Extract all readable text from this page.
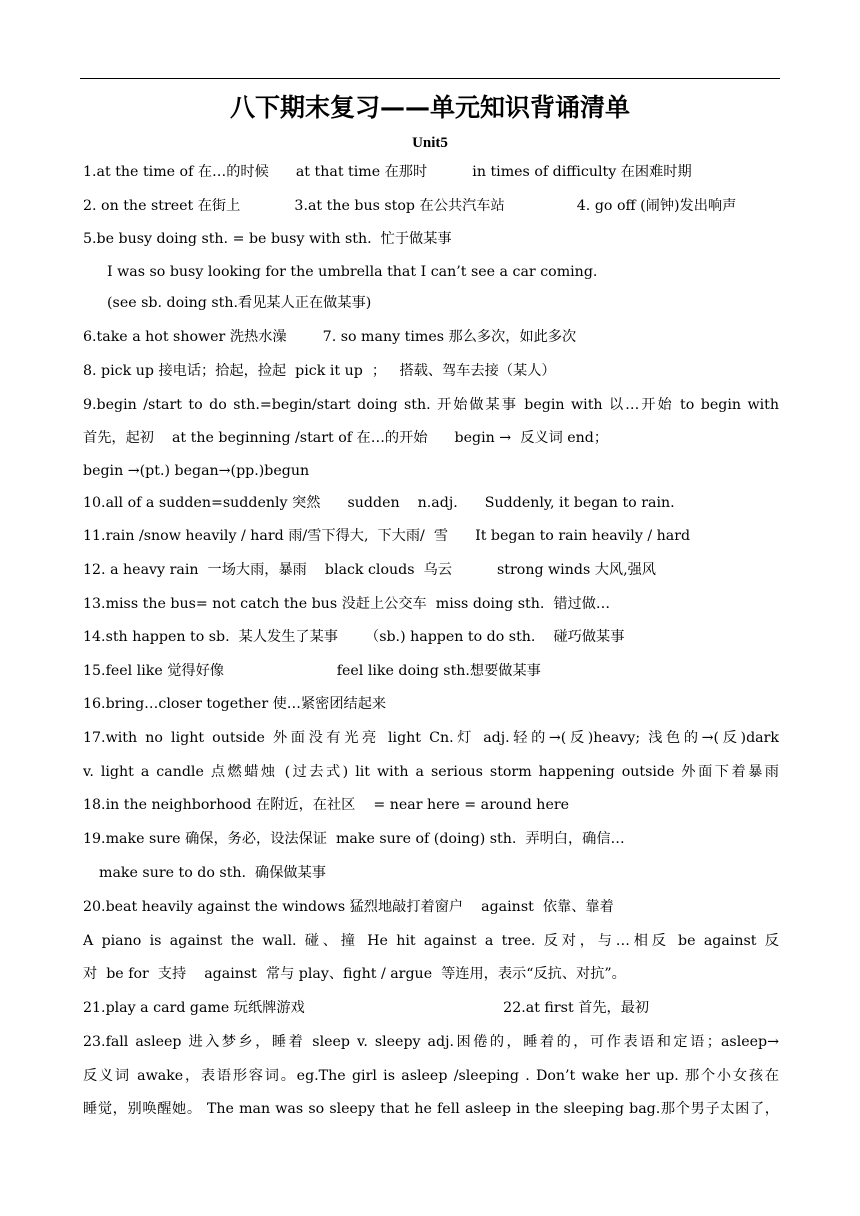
八下期末复习——单元知识背诵清单
Unit5
1.at the time of 在…的时候      at that time 在那时          in times of difficulty 在困难时期
2. on the street 在街上            3.at the bus stop 在公共汽车站                4. go off (闹钟)发出响声
5.be busy doing sth. = be busy with sth.  忙于做某事
I was so busy looking for the umbrella that I can’t see a car coming.
(see sb. doing sth.看见某人正在做某事)
6.take a hot shower 洗热水澡        7. so many times 那么多次，如此多次
8. pick up 接电话；拾起，捡起  pick it up  ；   搭载、驾车去接（某人）
9.begin /start to do sth.=begin/start doing sth. 开始做某事 begin with 以…开始 to begin with
首先，起初    at the beginning /start of 在…的开始      begin →  反义词 end；
begin →(pt.) began→(pp.)begun
10.all of a sudden=suddenly 突然      sudden    n.adj.      Suddenly, it began to rain.
11.rain /snow heavily / hard 雨/雪下得大,  下大雨/  雪      It began to rain heavily / hard
12. a heavy rain  一场大雨，暴雨    black clouds  乌云          strong winds 大风,强风
13.miss the bus= not catch the bus 没赶上公交车  miss doing sth.  错过做…
14.sth happen to sb.  某人发生了某事      （sb.) happen to do sth.    碰巧做某事
15.feel like 觉得好像                         feel like doing sth.想要做某事
16.bring…closer together 使…紧密团结起来
17.with no light outside 外面没有光亮 light Cn.灯 adj.轻的→(反)heavy; 浅色的→(反)dark
v. light a candle 点燃蜡烛 (过去式) lit with a serious storm happening outside 外面下着暴雨
18.in the neighborhood 在附近，在社区    = near here = around here
19.make sure 确保，务必，设法保证  make sure of (doing) sth.  弄明白，确信…
make sure to do sth.  确保做某事
20.beat heavily against the windows 猛烈地敲打着窗户    against  依靠、靠着
A piano is against the wall. 碰、撞 He hit against a tree. 反对，与…相反 be against 反
对  be for  支持    against  常与 play、fight / argue  等连用，表示“反抗、对抗”。
21.play a card game 玩纸牌游戏                                            22.at first 首先，最初
23.fall asleep 进入梦乡，睡着 sleep v. sleepy adj.困倦的，睡着的，可作表语和定语；asleep→
反义词 awake，表语形容词。eg.The girl is asleep /sleeping . Don’t wake her up. 那个小女孩在
睡觉，别唤醒她。 The man was so sleepy that he fell asleep in the sleeping bag.那个男子太困了，
